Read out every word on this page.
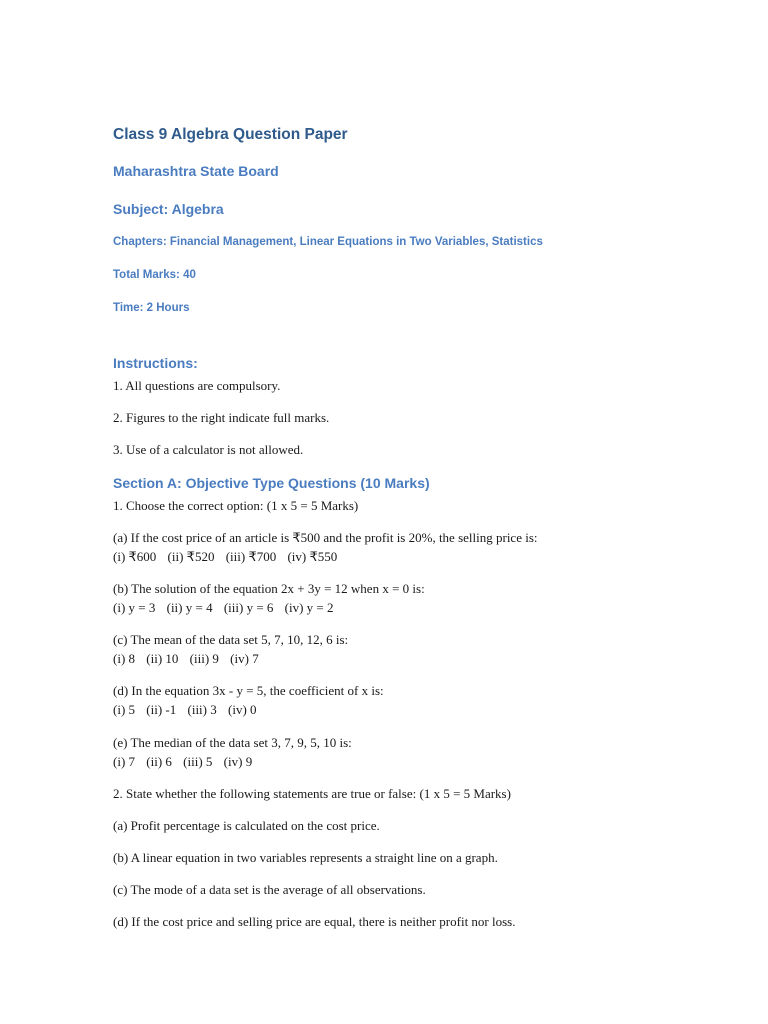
Class 9 Algebra Question Paper
Maharashtra State Board
Subject: Algebra
Chapters: Financial Management, Linear Equations in Two Variables, Statistics
Total Marks: 40
Time: 2 Hours
Instructions:

1. All questions are compulsory.

2. Figures to the right indicate full marks.

3. Use of a calculator is not allowed.

Section A: Objective Type Questions (10 Marks)

1. Choose the correct option: (1 x 5 = 5 Marks)

(a) If the cost price of an article is ₹500 and the profit is 20%, the selling price is:
(i) ₹600 (ii) ₹520 (iii) ₹700 (iv) ₹550
(b) The solution of the equation 2x + 3y = 12 when x = 0 is:
(i) y = 3 (ii) y = 4 (iii) y = 6 (iv) y = 2
(c) The mean of the data set 5, 7, 10, 12, 6 is:
(i) 8 (ii) 10 (iii) 9 (iv) 7
(d) In the equation 3x - y = 5, the coefficient of x is:
(i) 5 (ii) -1 (iii) 3 (iv) 0
(e) The median of the data set 3, 7, 9, 5, 10 is:
(i) 7 (ii) 6 (iii) 5 (iv) 9

2. State whether the following statements are true or false: (1 x 5 = 5 Marks)

(a) Profit percentage is calculated on the cost price.

(b) A linear equation in two variables represents a straight line on a graph.

(c) The mode of a data set is the average of all observations.

(d) If the cost price and selling price are equal, there is neither profit nor loss.
